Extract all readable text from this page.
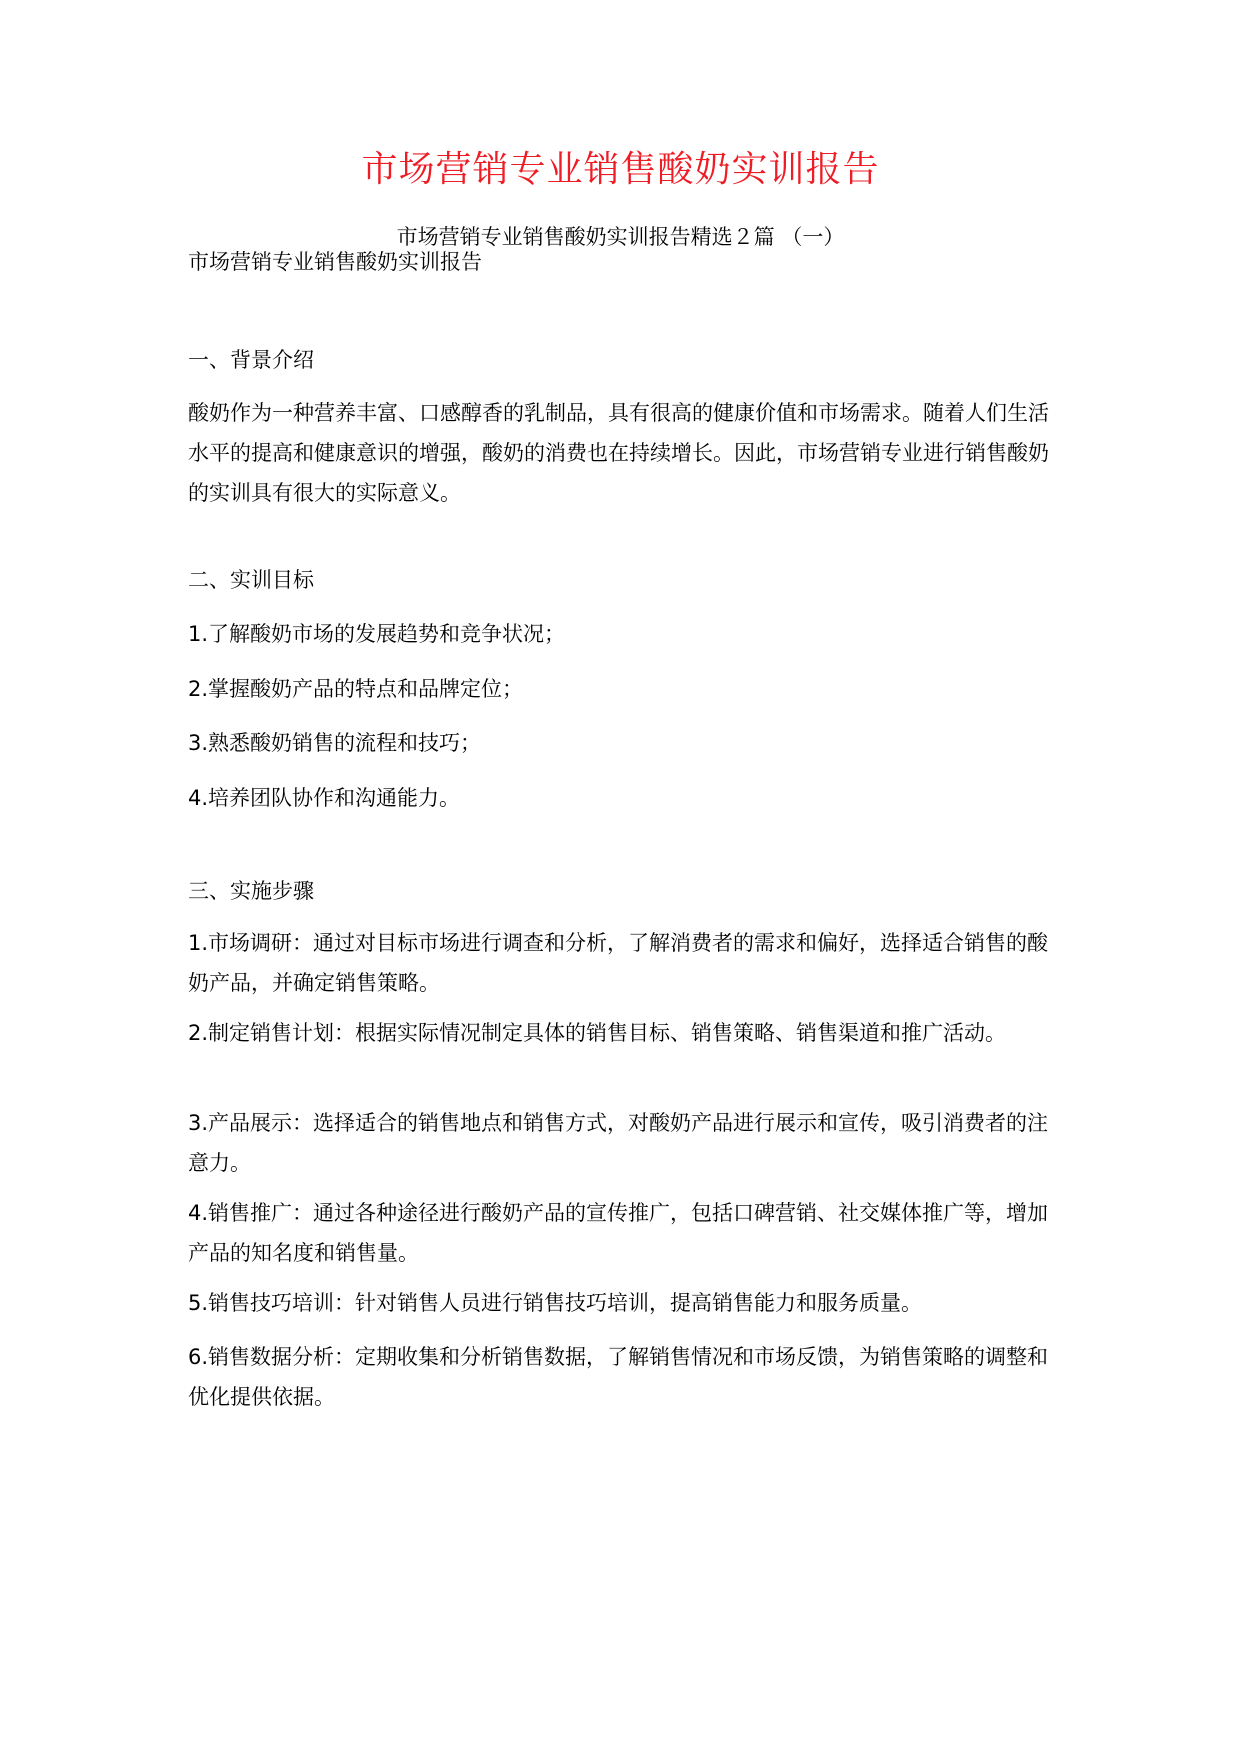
市场营销专业销售酸奶实训报告
市场营销专业销售酸奶实训报告精选２篇 （一）

市场营销专业销售酸奶实训报告

一、背景介绍

酸奶作为一种营养丰富、口感醇香的乳制品，具有很高的健康价值和市场需求。随着人们生活水平的提高和健康意识的增强，酸奶的消费也在持续增长。因此，市场营销专业进行销售酸奶的实训具有很大的实际意义。

二、实训目标

1.了解酸奶市场的发展趋势和竞争状况；

2.掌握酸奶产品的特点和品牌定位；

3.熟悉酸奶销售的流程和技巧；

4.培养团队协作和沟通能力。

三、实施步骤

1.市场调研：通过对目标市场进行调查和分析，了解消费者的需求和偏好，选择适合销售的酸奶产品，并确定销售策略。

2.制定销售计划：根据实际情况制定具体的销售目标、销售策略、销售渠道和推广活动。

3.产品展示：选择适合的销售地点和销售方式，对酸奶产品进行展示和宣传，吸引消费者的注意力。

4.销售推广：通过各种途径进行酸奶产品的宣传推广，包括口碑营销、社交媒体推广等，增加产品的知名度和销售量。

5.销售技巧培训：针对销售人员进行销售技巧培训，提高销售能力和服务质量。

6.销售数据分析：定期收集和分析销售数据，了解销售情况和市场反馈，为销售策略的调整和优化提供依据。
